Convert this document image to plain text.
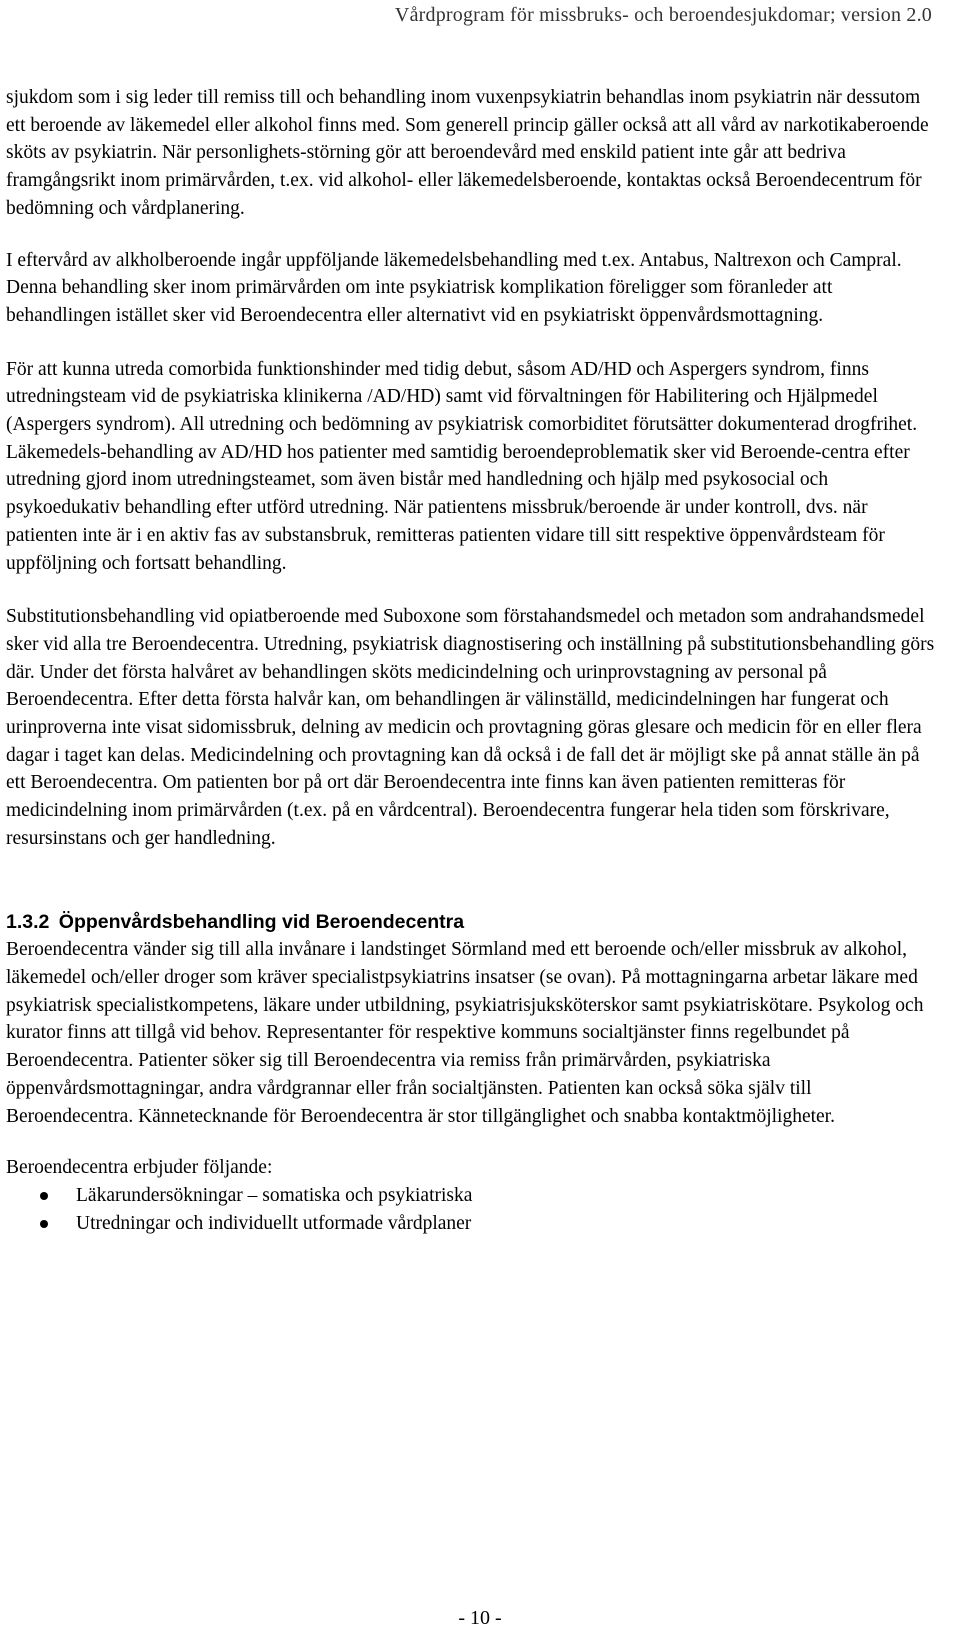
Vårdprogram för missbruks- och beroendesjukdomar; version 2.0

sjukdom som i sig leder till remiss till och behandling inom vuxenpsykiatrin behandlas inom psykiatrin när dessutom ett beroende av läkemedel eller alkohol finns med. Som generell princip gäller också att all vård av narkotikaberoende sköts av psykiatrin. När personlighets-störning gör att beroendevård med enskild patient inte går att bedriva framgångsrikt inom primärvården, t.ex. vid alkohol- eller läkemedelsberoende, kontaktas också Beroendecentrum för bedömning och vårdplanering.

I eftervård av alkholberoende ingår uppföljande läkemedelsbehandling med t.ex. Antabus, Naltrexon och Campral. Denna behandling sker inom primärvården om inte psykiatrisk komplikation föreligger som föranleder att behandlingen istället sker vid Beroendecentra eller alternativt vid en psykiatriskt öppenvårdsmottagning.

För att kunna utreda comorbida funktionshinder med tidig debut, såsom AD/HD och Aspergers syndrom, finns utredningsteam vid de psykiatriska klinikerna /AD/HD) samt vid förvaltningen för Habilitering och Hjälpmedel (Aspergers syndrom). All utredning och bedömning av psykiatrisk comorbiditet förutsätter dokumenterad drogfrihet. Läkemedels-behandling av AD/HD hos patienter med samtidig beroendeproblematik sker vid Beroende-centra efter utredning gjord inom utredningsteamet, som även bistår med handledning och hjälp med psykosocial och psykoedukativ behandling efter utförd utredning. När patientens missbruk/beroende är under kontroll, dvs. när patienten inte är i en aktiv fas av substansbruk, remitteras patienten vidare till sitt respektive öppenvårdsteam för uppföljning och fortsatt behandling.

Substitutionsbehandling vid opiatberoende med Suboxone som förstahandsmedel och metadon som andrahandsmedel sker vid alla tre Beroendecentra. Utredning, psykiatrisk diagnostisering och inställning på substitutionsbehandling görs där. Under det första halvåret av behandlingen sköts medicindelning och urinprovstagning av personal på Beroendecentra. Efter detta första halvår kan, om behandlingen är välinställd, medicindelningen har fungerat och urinproverna inte visat sidomissbruk, delning av medicin och provtagning göras glesare och medicin för en eller flera dagar i taget kan delas. Medicindelning och provtagning kan då också i de fall det är möjligt ske på annat ställe än på ett Beroendecentra. Om patienten bor på ort där Beroendecentra inte finns kan även patienten remitteras för medicindelning inom primärvården (t.ex. på en vårdcentral). Beroendecentra fungerar hela tiden som förskrivare, resursinstans och ger handledning.

1.3.2 Öppenvårdsbehandling vid Beroendecentra

Beroendecentra vänder sig till alla invånare i landstinget Sörmland med ett beroende och/eller missbruk av alkohol, läkemedel och/eller droger som kräver specialistpsykiatrins insatser (se ovan). På mottagningarna arbetar läkare med psykiatrisk specialistkompetens, läkare under utbildning, psykiatrisjuksköterskor samt psykiatriskötare. Psykolog och kurator finns att tillgå vid behov. Representanter för respektive kommuns socialtjänster finns regelbundet på Beroendecentra. Patienter söker sig till Beroendecentra via remiss från primärvården, psykiatriska öppenvårdsmottagningar, andra vårdgrannar eller från socialtjänsten. Patienten kan också söka själv till Beroendecentra. Kännetecknande för Beroendecentra är stor tillgänglighet och snabba kontaktmöjligheter.

Beroendecentra erbjuder följande:

Läkarundersökningar – somatiska och psykiatriska
Utredningar och individuellt utformade vårdplaner
- 10 -
